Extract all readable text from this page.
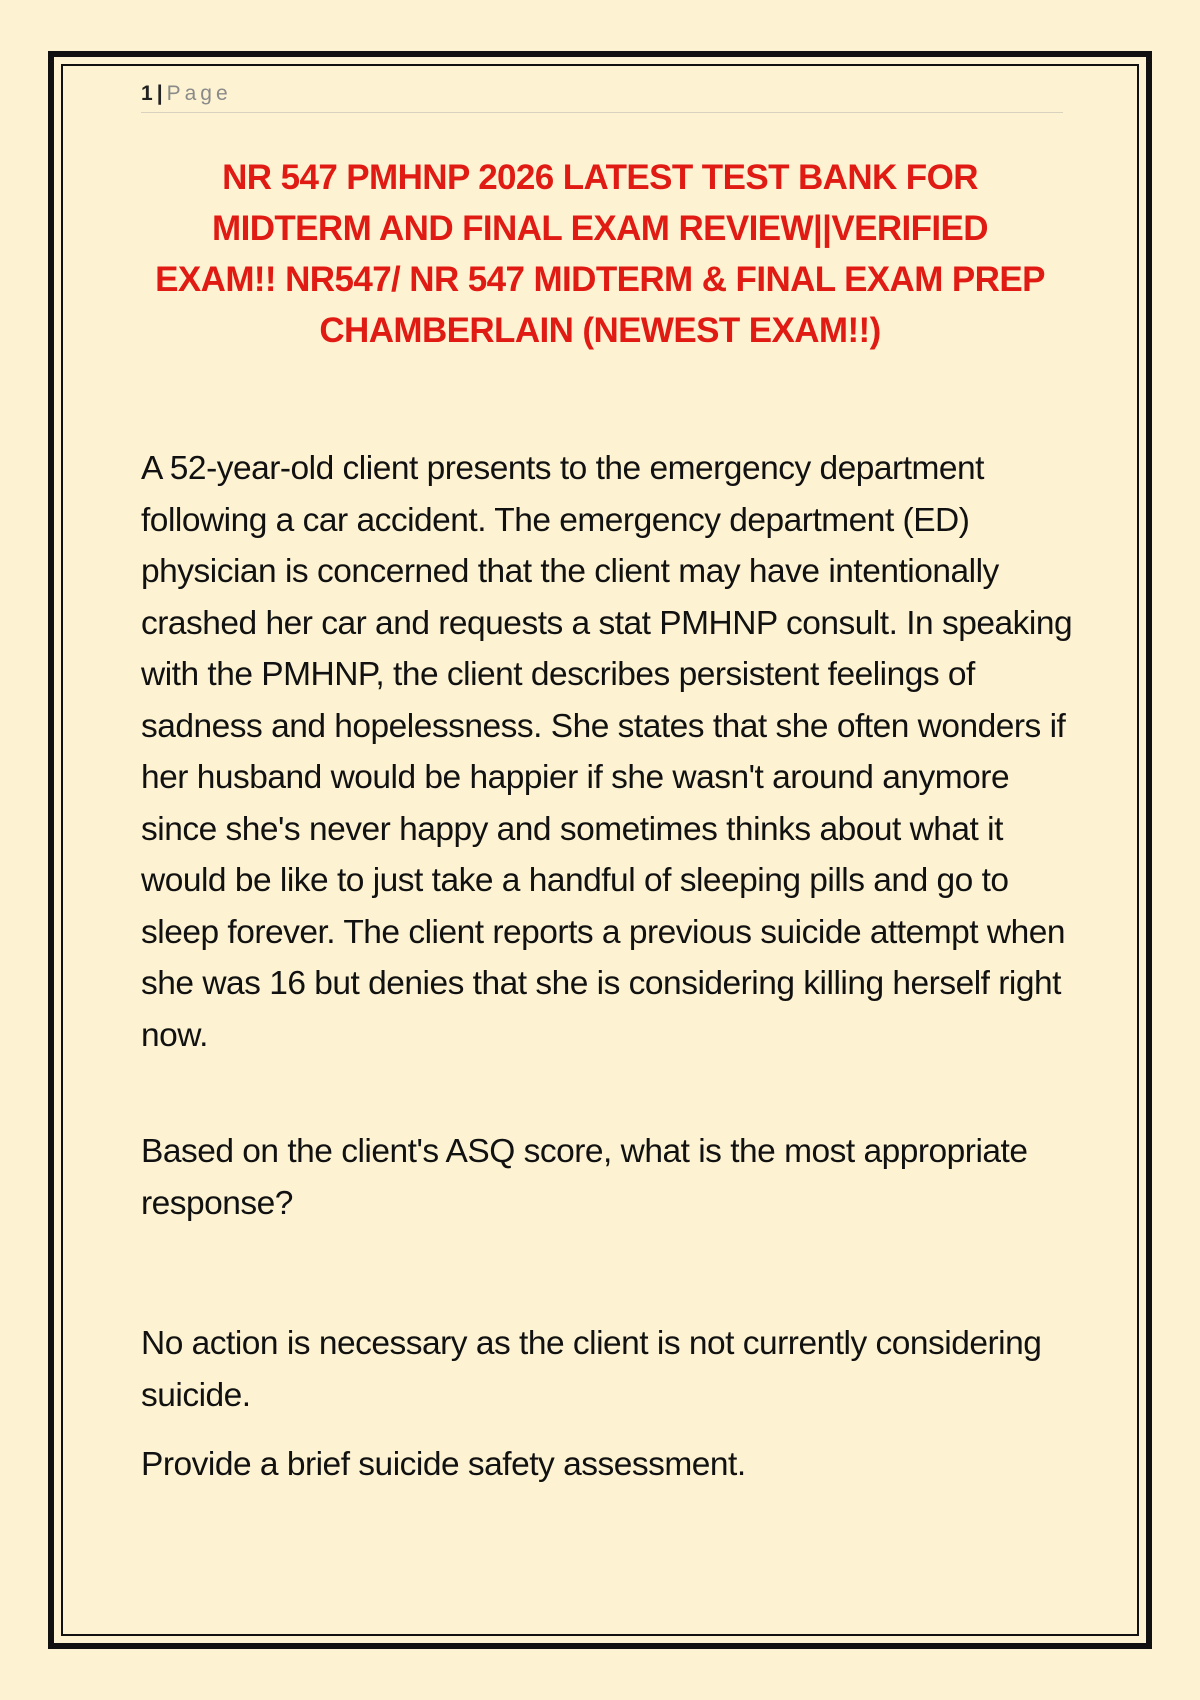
1 | Page
NR 547 PMHNP 2026 LATEST TEST BANK FOR MIDTERM AND FINAL EXAM REVIEW||VERIFIED EXAM!! NR547/ NR 547 MIDTERM & FINAL EXAM PREP CHAMBERLAIN (NEWEST EXAM!!)

A 52-year-old client presents to the emergency department following a car accident. The emergency department (ED) physician is concerned that the client may have intentionally crashed her car and requests a stat PMHNP consult. In speaking with the PMHNP, the client describes persistent feelings of sadness and hopelessness. She states that she often wonders if her husband would be happier if she wasn't around anymore since she's never happy and sometimes thinks about what it would be like to just take a handful of sleeping pills and go to sleep forever. The client reports a previous suicide attempt when she was 16 but denies that she is considering killing herself right now.

Based on the client's ASQ score, what is the most appropriate response?

No action is necessary as the client is not currently considering suicide.

Provide a brief suicide safety assessment.
